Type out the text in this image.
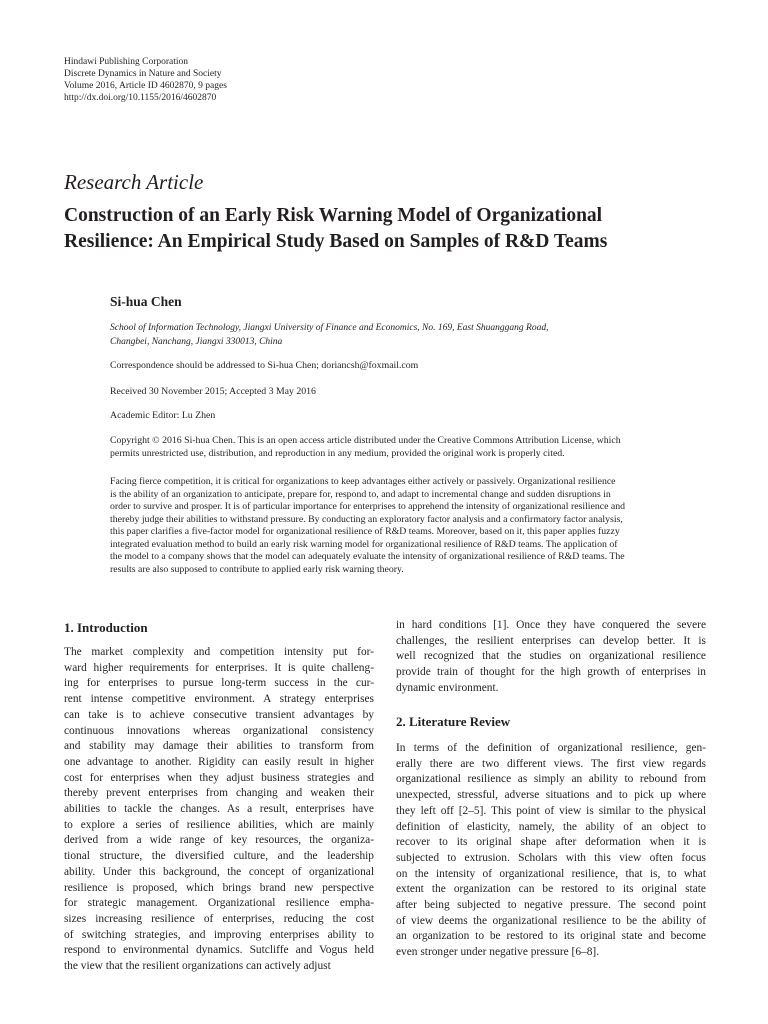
Hindawi Publishing Corporation
Discrete Dynamics in Nature and Society
Volume 2016, Article ID 4602870, 9 pages
http://dx.doi.org/10.1155/2016/4602870
Research Article
Construction of an Early Risk Warning Model of Organizational
Resilience: An Empirical Study Based on Samples of R&D Teams
Si-hua Chen
School of Information Technology, Jiangxi University of Finance and Economics, No. 169, East Shuanggang Road,
Changbei, Nanchang, Jiangxi 330013, China
Correspondence should be addressed to Si-hua Chen; doriancsh@foxmail.com
Received 30 November 2015; Accepted 3 May 2016
Academic Editor: Lu Zhen
Copyright © 2016 Si-hua Chen. This is an open access article distributed under the Creative Commons Attribution License, which
permits unrestricted use, distribution, and reproduction in any medium, provided the original work is properly cited.
Facing fierce competition, it is critical for organizations to keep advantages either actively or passively. Organizational resilience
is the ability of an organization to anticipate, prepare for, respond to, and adapt to incremental change and sudden disruptions in
order to survive and prosper. It is of particular importance for enterprises to apprehend the intensity of organizational resilience and
thereby judge their abilities to withstand pressure. By conducting an exploratory factor analysis and a confirmatory factor analysis,
this paper clarifies a five-factor model for organizational resilience of R&D teams. Moreover, based on it, this paper applies fuzzy
integrated evaluation method to build an early risk warning model for organizational resilience of R&D teams. The application of
the model to a company shows that the model can adequately evaluate the intensity of organizational resilience of R&D teams. The
results are also supposed to contribute to applied early risk warning theory.
1. Introduction
The market complexity and competition intensity put for-
ward higher requirements for enterprises. It is quite challeng-
ing for enterprises to pursue long-term success in the cur-
rent intense competitive environment. A strategy enterprises
can take is to achieve consecutive transient advantages by
continuous innovations whereas organizational consistency
and stability may damage their abilities to transform from
one advantage to another. Rigidity can easily result in higher
cost for enterprises when they adjust business strategies and
thereby prevent enterprises from changing and weaken their
abilities to tackle the changes. As a result, enterprises have
to explore a series of resilience abilities, which are mainly
derived from a wide range of key resources, the organiza-
tional structure, the diversified culture, and the leadership
ability. Under this background, the concept of organizational
resilience is proposed, which brings brand new perspective
for strategic management. Organizational resilience empha-
sizes increasing resilience of enterprises, reducing the cost
of switching strategies, and improving enterprises ability to
respond to environmental dynamics. Sutcliffe and Vogus held
the view that the resilient organizations can actively adjust
in hard conditions [1]. Once they have conquered the severe
challenges, the resilient enterprises can develop better. It is
well recognized that the studies on organizational resilience
provide train of thought for the high growth of enterprises in
dynamic environment.
2. Literature Review
In terms of the definition of organizational resilience, gen-
erally there are two different views. The first view regards
organizational resilience as simply an ability to rebound from
unexpected, stressful, adverse situations and to pick up where
they left off [2–5]. This point of view is similar to the physical
definition of elasticity, namely, the ability of an object to
recover to its original shape after deformation when it is
subjected to extrusion. Scholars with this view often focus
on the intensity of organizational resilience, that is, to what
extent the organization can be restored to its original state
after being subjected to negative pressure. The second point
of view deems the organizational resilience to be the ability of
an organization to be restored to its original state and become
even stronger under negative pressure [6–8].
